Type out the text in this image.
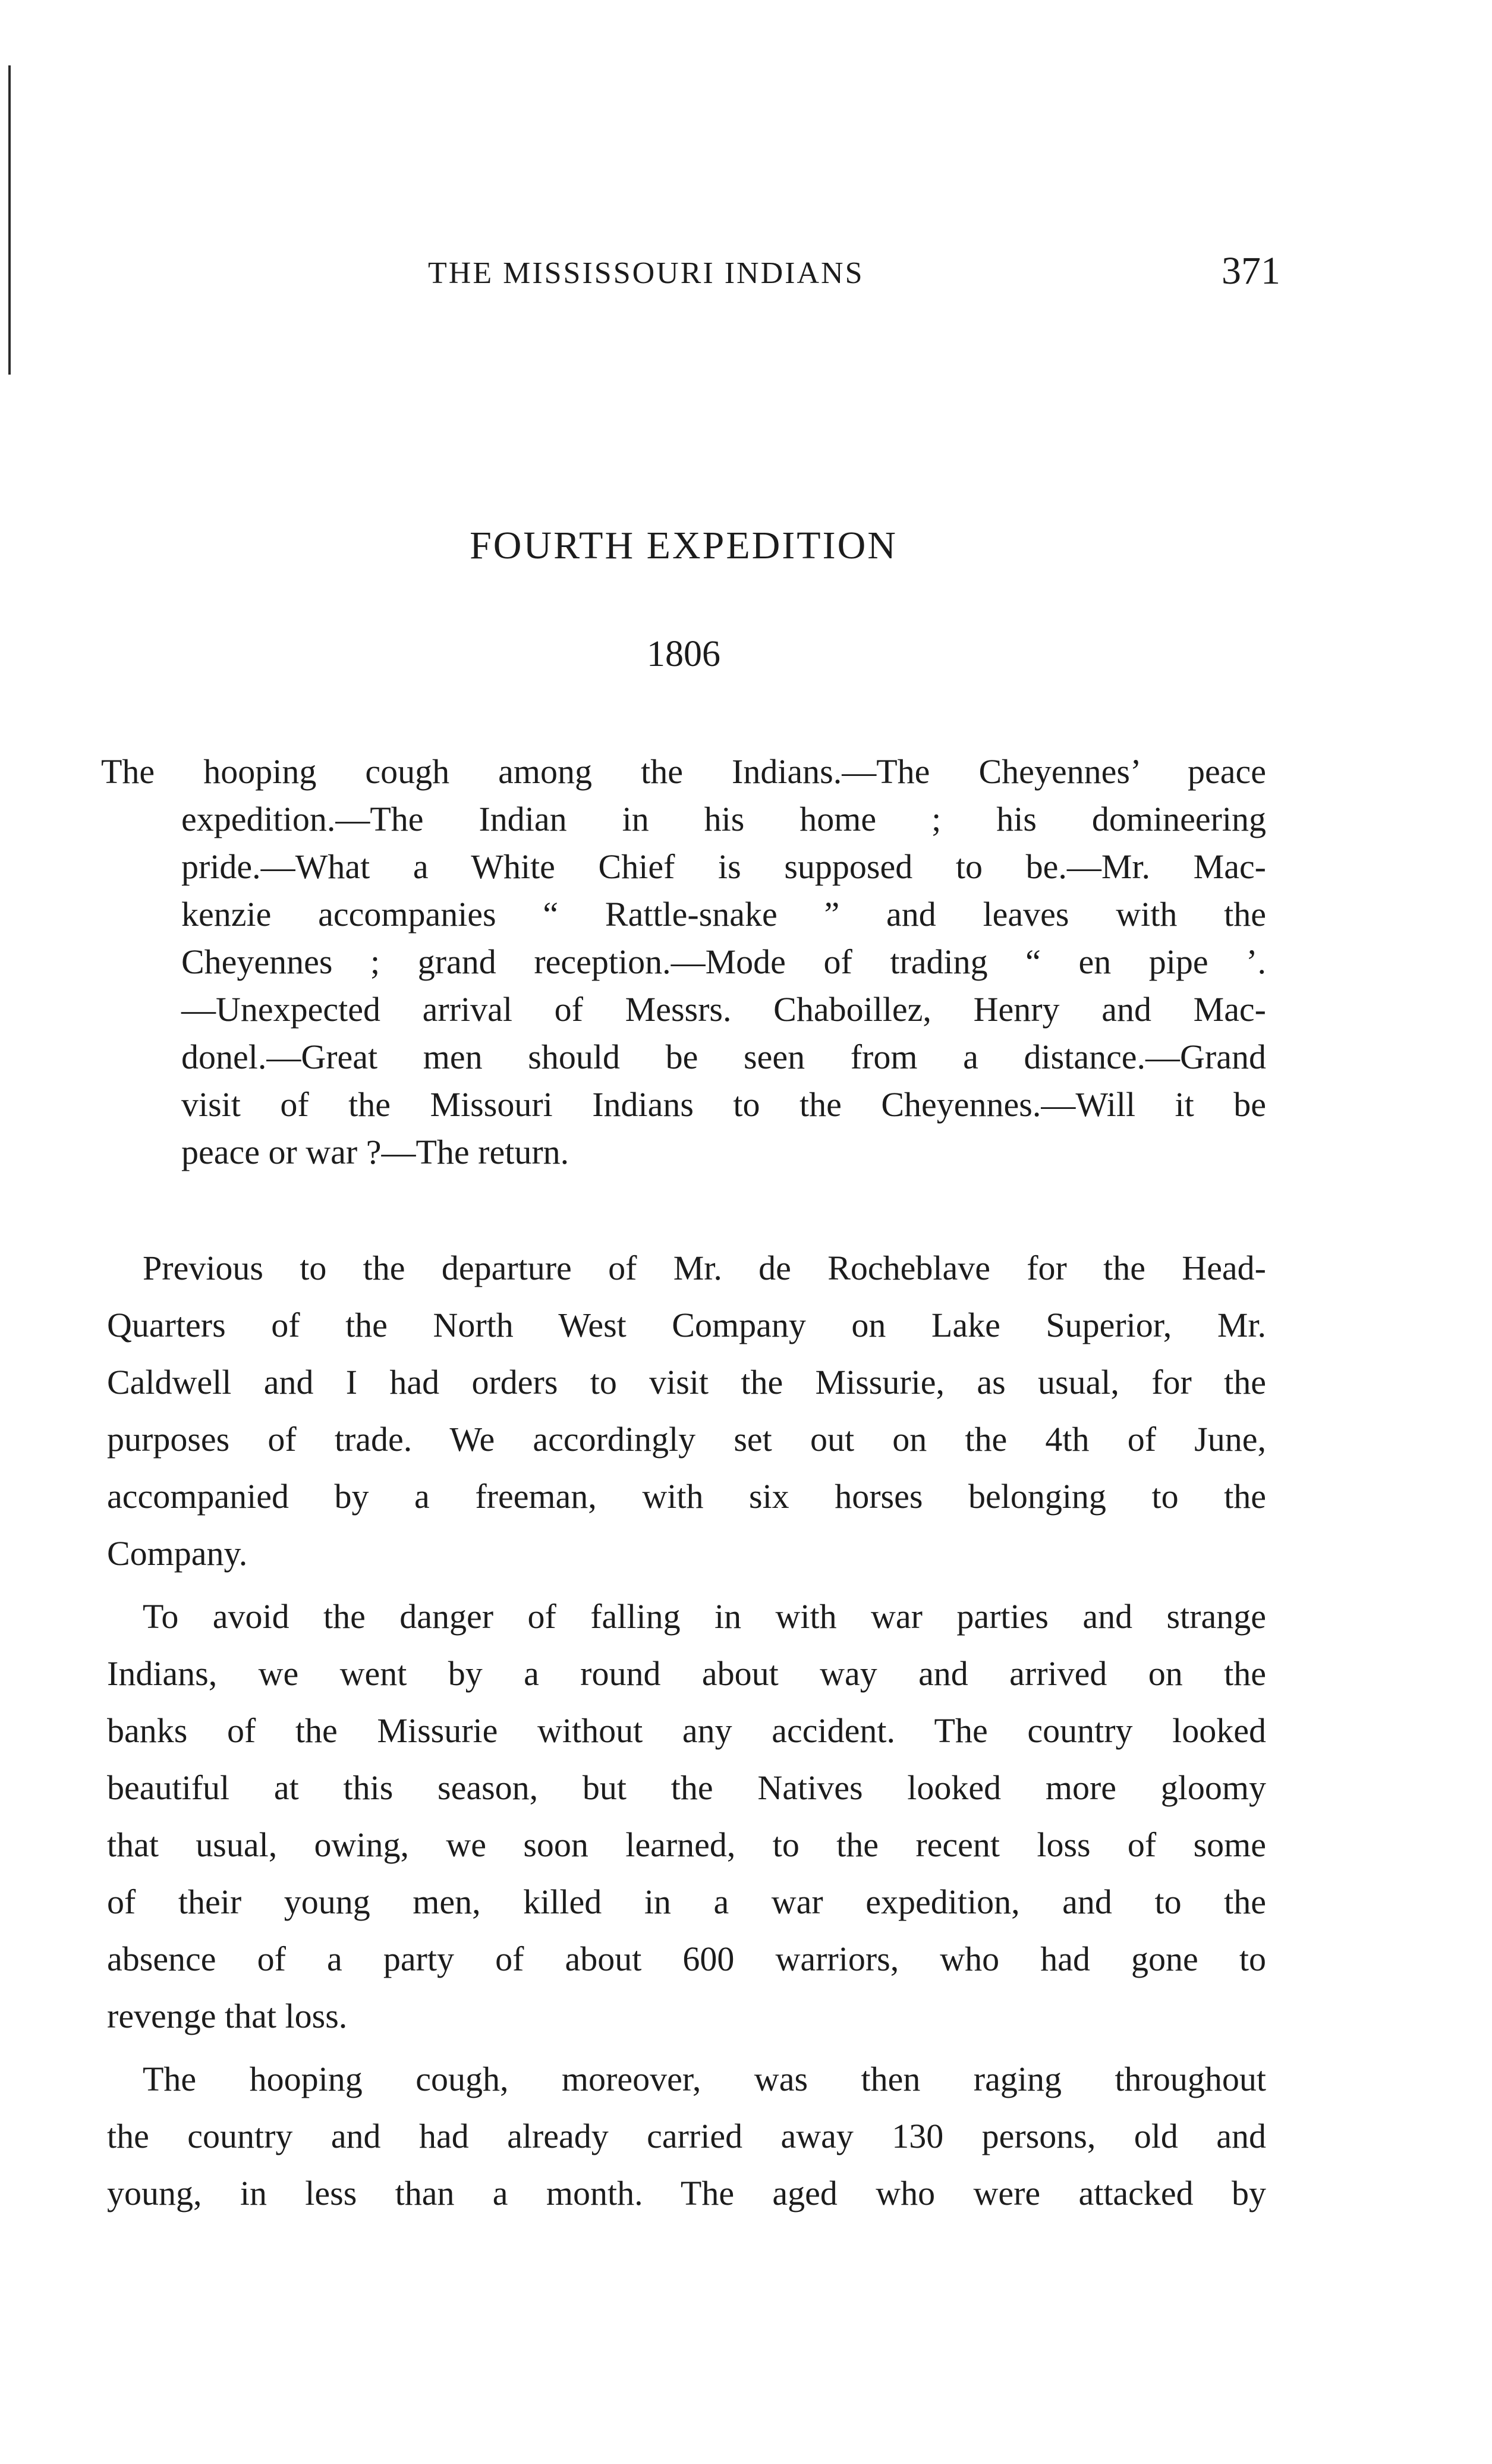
THE MISSISSOURI INDIANS	371
FOURTH EXPEDITION
1806
The hooping cough among the Indians.—The Cheyennes’ peace
expedition.—The Indian in his home ; his domineering
pride.—What a White Chief is supposed to be.—Mr. Mac-
kenzie accompanies “ Rattle-snake ” and leaves with the
Cheyennes ; grand reception.—Mode of trading “ en pipe ’.
—Unexpected arrival of Messrs. Chaboillez, Henry and Mac-
donel.—Great men should be seen from a distance.—Grand
visit of the Missouri Indians to the Cheyennes.—Will it be
peace or war ?—The return.
Previous to the departure of Mr. de Rocheblave for the Head-
Quarters of the North West Company on Lake Superior, Mr.
Caldwell and I had orders to visit the Missurie, as usual, for the
purposes of trade. We accordingly set out on the 4th of June,
accompanied by a freeman, with six horses belonging to the
Company.
To avoid the danger of falling in with war parties and strange
Indians, we went by a round about way and arrived on the
banks of the Missurie without any accident. The country looked
beautiful at this season, but the Natives looked more gloomy
that usual, owing, we soon learned, to the recent loss of some
of their young men, killed in a war expedition, and to the
absence of a party of about 600 warriors, who had gone to
revenge that loss.
The hooping cough, moreover, was then raging throughout
the country and had already carried away 130 persons, old and
young, in less than a month. The aged who were attacked by
